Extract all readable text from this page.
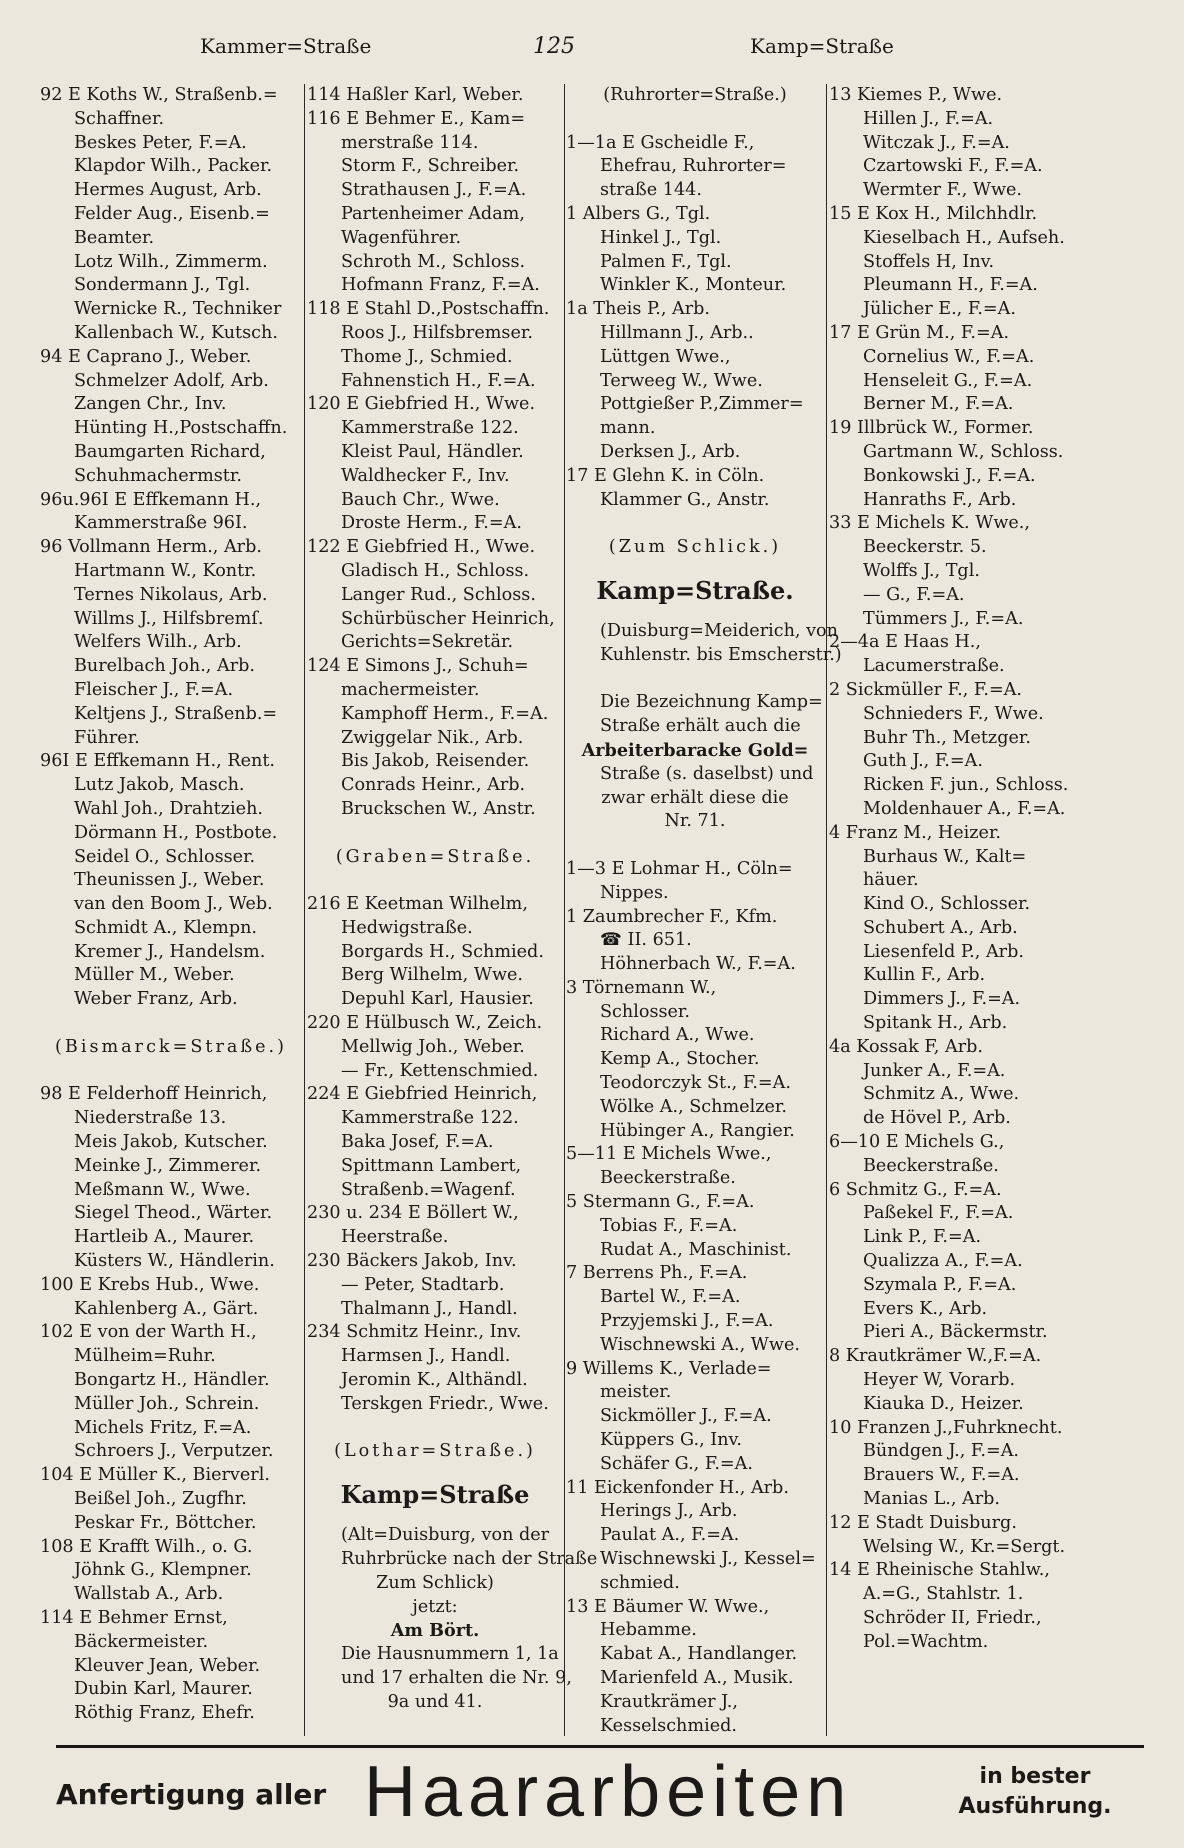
Kammer=Straße	125	Kamp=Straße
92 E Koths W., Straßenb.=
Schaffner.
Beskes Peter, F.=A.
Klapdor Wilh., Packer.
Hermes August, Arb.
Felder Aug., Eisenb.=
Beamter.
Lotz Wilh., Zimmerm.
Sondermann J., Tgl.
Wernicke R., Techniker
Kallenbach W., Kutsch.
94 E Caprano J., Weber.
Schmelzer Adolf, Arb.
Zangen Chr., Inv.
Hünting H.,Postschaffn.
Baumgarten Richard,
Schuhmachermstr.
96u.96I E Effkemann H.,
Kammerstraße 96I.
96 Vollmann Herm., Arb.
Hartmann W., Kontr.
Ternes Nikolaus, Arb.
Willms J., Hilfsbremſ.
Welfers Wilh., Arb.
Burelbach Joh., Arb.
Fleischer J., F.=A.
Keltjens J., Straßenb.=
Führer.
96I E Effkemann H., Rent.
Lutz Jakob, Masch.
Wahl Joh., Drahtzieh.
Dörmann H., Postbote.
Seidel O., Schlosser.
Theunissen J., Weber.
van den Boom J., Web.
Schmidt A., Klempn.
Kremer J., Handelsm.
Müller M., Weber.
Weber Franz, Arb.
(Bismarck=Straße.)
98 E Felderhoff Heinrich,
Niederstraße 13.
Meis Jakob, Kutscher.
Meinke J., Zimmerer.
Meßmann W., Wwe.
Siegel Theod., Wärter.
Hartleib A., Maurer.
Küsters W., Händlerin.
100 E Krebs Hub., Wwe.
Kahlenberg A., Gärt.
102 E von der Warth H.,
Mülheim=Ruhr.
Bongartz H., Händler.
Müller Joh., Schrein.
Michels Fritz, F.=A.
Schroers J., Verputzer.
104 E Müller K., Bierverl.
Beißel Joh., Zugfhr.
Peskar Fr., Böttcher.
108 E Krafft Wilh., o. G.
Jöhnk G., Klempner.
Wallstab A., Arb.
114 E Behmer Ernst,
Bäckermeister.
Kleuver Jean, Weber.
Dubin Karl, Maurer.
Röthig Franz, Ehefr.
114 Haßler Karl, Weber.
116 E Behmer E., Kam=
merstraße 114.
Storm F., Schreiber.
Strathausen J., F.=A.
Partenheimer Adam,
Wagenführer.
Schroth M., Schloss.
Hofmann Franz, F.=A.
118 E Stahl D.,Postschaffn.
Roos J., Hilfsbremser.
Thome J., Schmied.
Fahnenstich H., F.=A.
120 E Giebfried H., Wwe.
Kammerstraße 122.
Kleist Paul, Händler.
Waldhecker F., Inv.
Bauch Chr., Wwe.
Droste Herm., F.=A.
122 E Giebfried H., Wwe.
Gladisch H., Schloss.
Langer Rud., Schloss.
Schürbüscher Heinrich,
Gerichts=Sekretär.
124 E Simons J., Schuh=
machermeister.
Kamphoff Herm., F.=A.
Zwiggelar Nik., Arb.
Bis Jakob, Reisender.
Conrads Heinr., Arb.
Bruckschen W., Anstr.
(Graben=Straße.
216 E Keetman Wilhelm,
Hedwigstraße.
Borgards H., Schmied.
Berg Wilhelm, Wwe.
Depuhl Karl, Hausier.
220 E Hülbusch W., Zeich.
Mellwig Joh., Weber.
— Fr., Kettenschmied.
224 E Giebfried Heinrich,
Kammerstraße 122.
Baka Josef, F.=A.
Spittmann Lambert,
Straßenb.=Wagenf.
230 u. 234 E Böllert W.,
Heerstraße.
230 Bäckers Jakob, Inv.
— Peter, Stadtarb.
Thalmann J., Handl.
234 Schmitz Heinr., Inv.
Harmsen J., Handl.
Jeromin K., Althändl.
Terskgen Friedr., Wwe.
(Lothar=Straße.)
Kamp=Straße
(Alt=Duisburg, von der
Ruhrbrücke nach der Straße
Zum Schlick)
jetzt:
Am Bört.
Die Hausnummern 1, 1a
und 17 erhalten die Nr. 9,
9a und 41.
(Ruhrorter=Straße.)
1—1a E Gscheidle F.,
Ehefrau, Ruhrorter=
straße 144.
1 Albers G., Tgl.
Hinkel J., Tgl.
Palmen F., Tgl.
Winkler K., Monteur.
1a Theis P., Arb.
Hillmann J., Arb..
Lüttgen Wwe.,
Terweeg W., Wwe.
Pottgießer P.,Zimmer=
mann.
Derksen J., Arb.
17 E Glehn K. in Cöln.
Klammer G., Anstr.
(Zum Schlick.)
Kamp=Straße.
(Duisburg=Meiderich, von
Kuhlenstr. bis Emscherstr.)
Die Bezeichnung Kamp=
Straße erhält auch die
Arbeiterbaracke Gold=
Straße (s. daselbst) und
zwar erhält diese die
Nr. 71.
1—3 E Lohmar H., Cöln=
Nippes.
1 Zaumbrecher F., Kfm.
☎ II. 651.
Höhnerbach W., F.=A.
3 Törnemann W.,
Schlosser.
Richard A., Wwe.
Kemp A., Stocher.
Teodorczyk St., F.=A.
Wölke A., Schmelzer.
Hübinger A., Rangier.
5—11 E Michels Wwe.,
Beeckerstraße.
5 Stermann G., F.=A.
Tobias F., F.=A.
Rudat A., Maschinist.
7 Berrens Ph., F.=A.
Bartel W., F.=A.
Przyjemski J., F.=A.
Wischnewski A., Wwe.
9 Willems K., Verlade=
meister.
Sickmöller J., F.=A.
Küppers G., Inv.
Schäfer G., F.=A.
11 Eickenfonder H., Arb.
Herings J., Arb.
Paulat A., F.=A.
Wischnewski J., Kessel=
schmied.
13 E Bäumer W. Wwe.,
Hebamme.
Kabat A., Handlanger.
Marienfeld A., Musik.
Krautkrämer J.,
Kesselschmied.
13 Kiemes P., Wwe.
Hillen J., F.=A.
Witczak J., F.=A.
Czartowski F., F.=A.
Wermter F., Wwe.
15 E Kox H., Milchhdlr.
Kieselbach H., Aufseh.
Stoffels H, Inv.
Pleumann H., F.=A.
Jülicher E., F.=A.
17 E Grün M., F.=A.
Cornelius W., F.=A.
Henseleit G., F.=A.
Berner M., F.=A.
19 Illbrück W., Former.
Gartmann W., Schloss.
Bonkowski J., F.=A.
Hanraths F., Arb.
33 E Michels K. Wwe.,
Beeckerstr. 5.
Wolffs J., Tgl.
— G., F.=A.
Tümmers J., F.=A.
2—4a E Haas H.,
Lacumerstraße.
2 Sickmüller F., F.=A.
Schnieders F., Wwe.
Buhr Th., Metzger.
Guth J., F.=A.
Ricken F. jun., Schloss.
Moldenhauer A., F.=A.
4 Franz M., Heizer.
Burhaus W., Kalt=
häuer.
Kind O., Schlosser.
Schubert A., Arb.
Liesenfeld P., Arb.
Kullin F., Arb.
Dimmers J., F.=A.
Spitank H., Arb.
4a Kossak F, Arb.
Junker A., F.=A.
Schmitz A., Wwe.
de Hövel P., Arb.
6—10 E Michels G.,
Beeckerstraße.
6 Schmitz G., F.=A.
Paßekel F., F.=A.
Link P., F.=A.
Qualizza A., F.=A.
Szymala P., F.=A.
Evers K., Arb.
Pieri A., Bäckermstr.
8 Krautkrämer W.,F.=A.
Heyer W, Vorarb.
Kiauka D., Heizer.
10 Franzen J.,Fuhrknecht.
Bündgen J., F.=A.
Brauers W., F.=A.
Manias L., Arb.
12 E Stadt Duisburg.
Welsing W., Kr.=Sergt.
14 E Rheinische Stahlw.,
A.=G., Stahlstr. 1.
Schröder II, Friedr.,
Pol.=Wachtm.
Anfertigung aller Haararbeiten	in bester
Ausführung.
